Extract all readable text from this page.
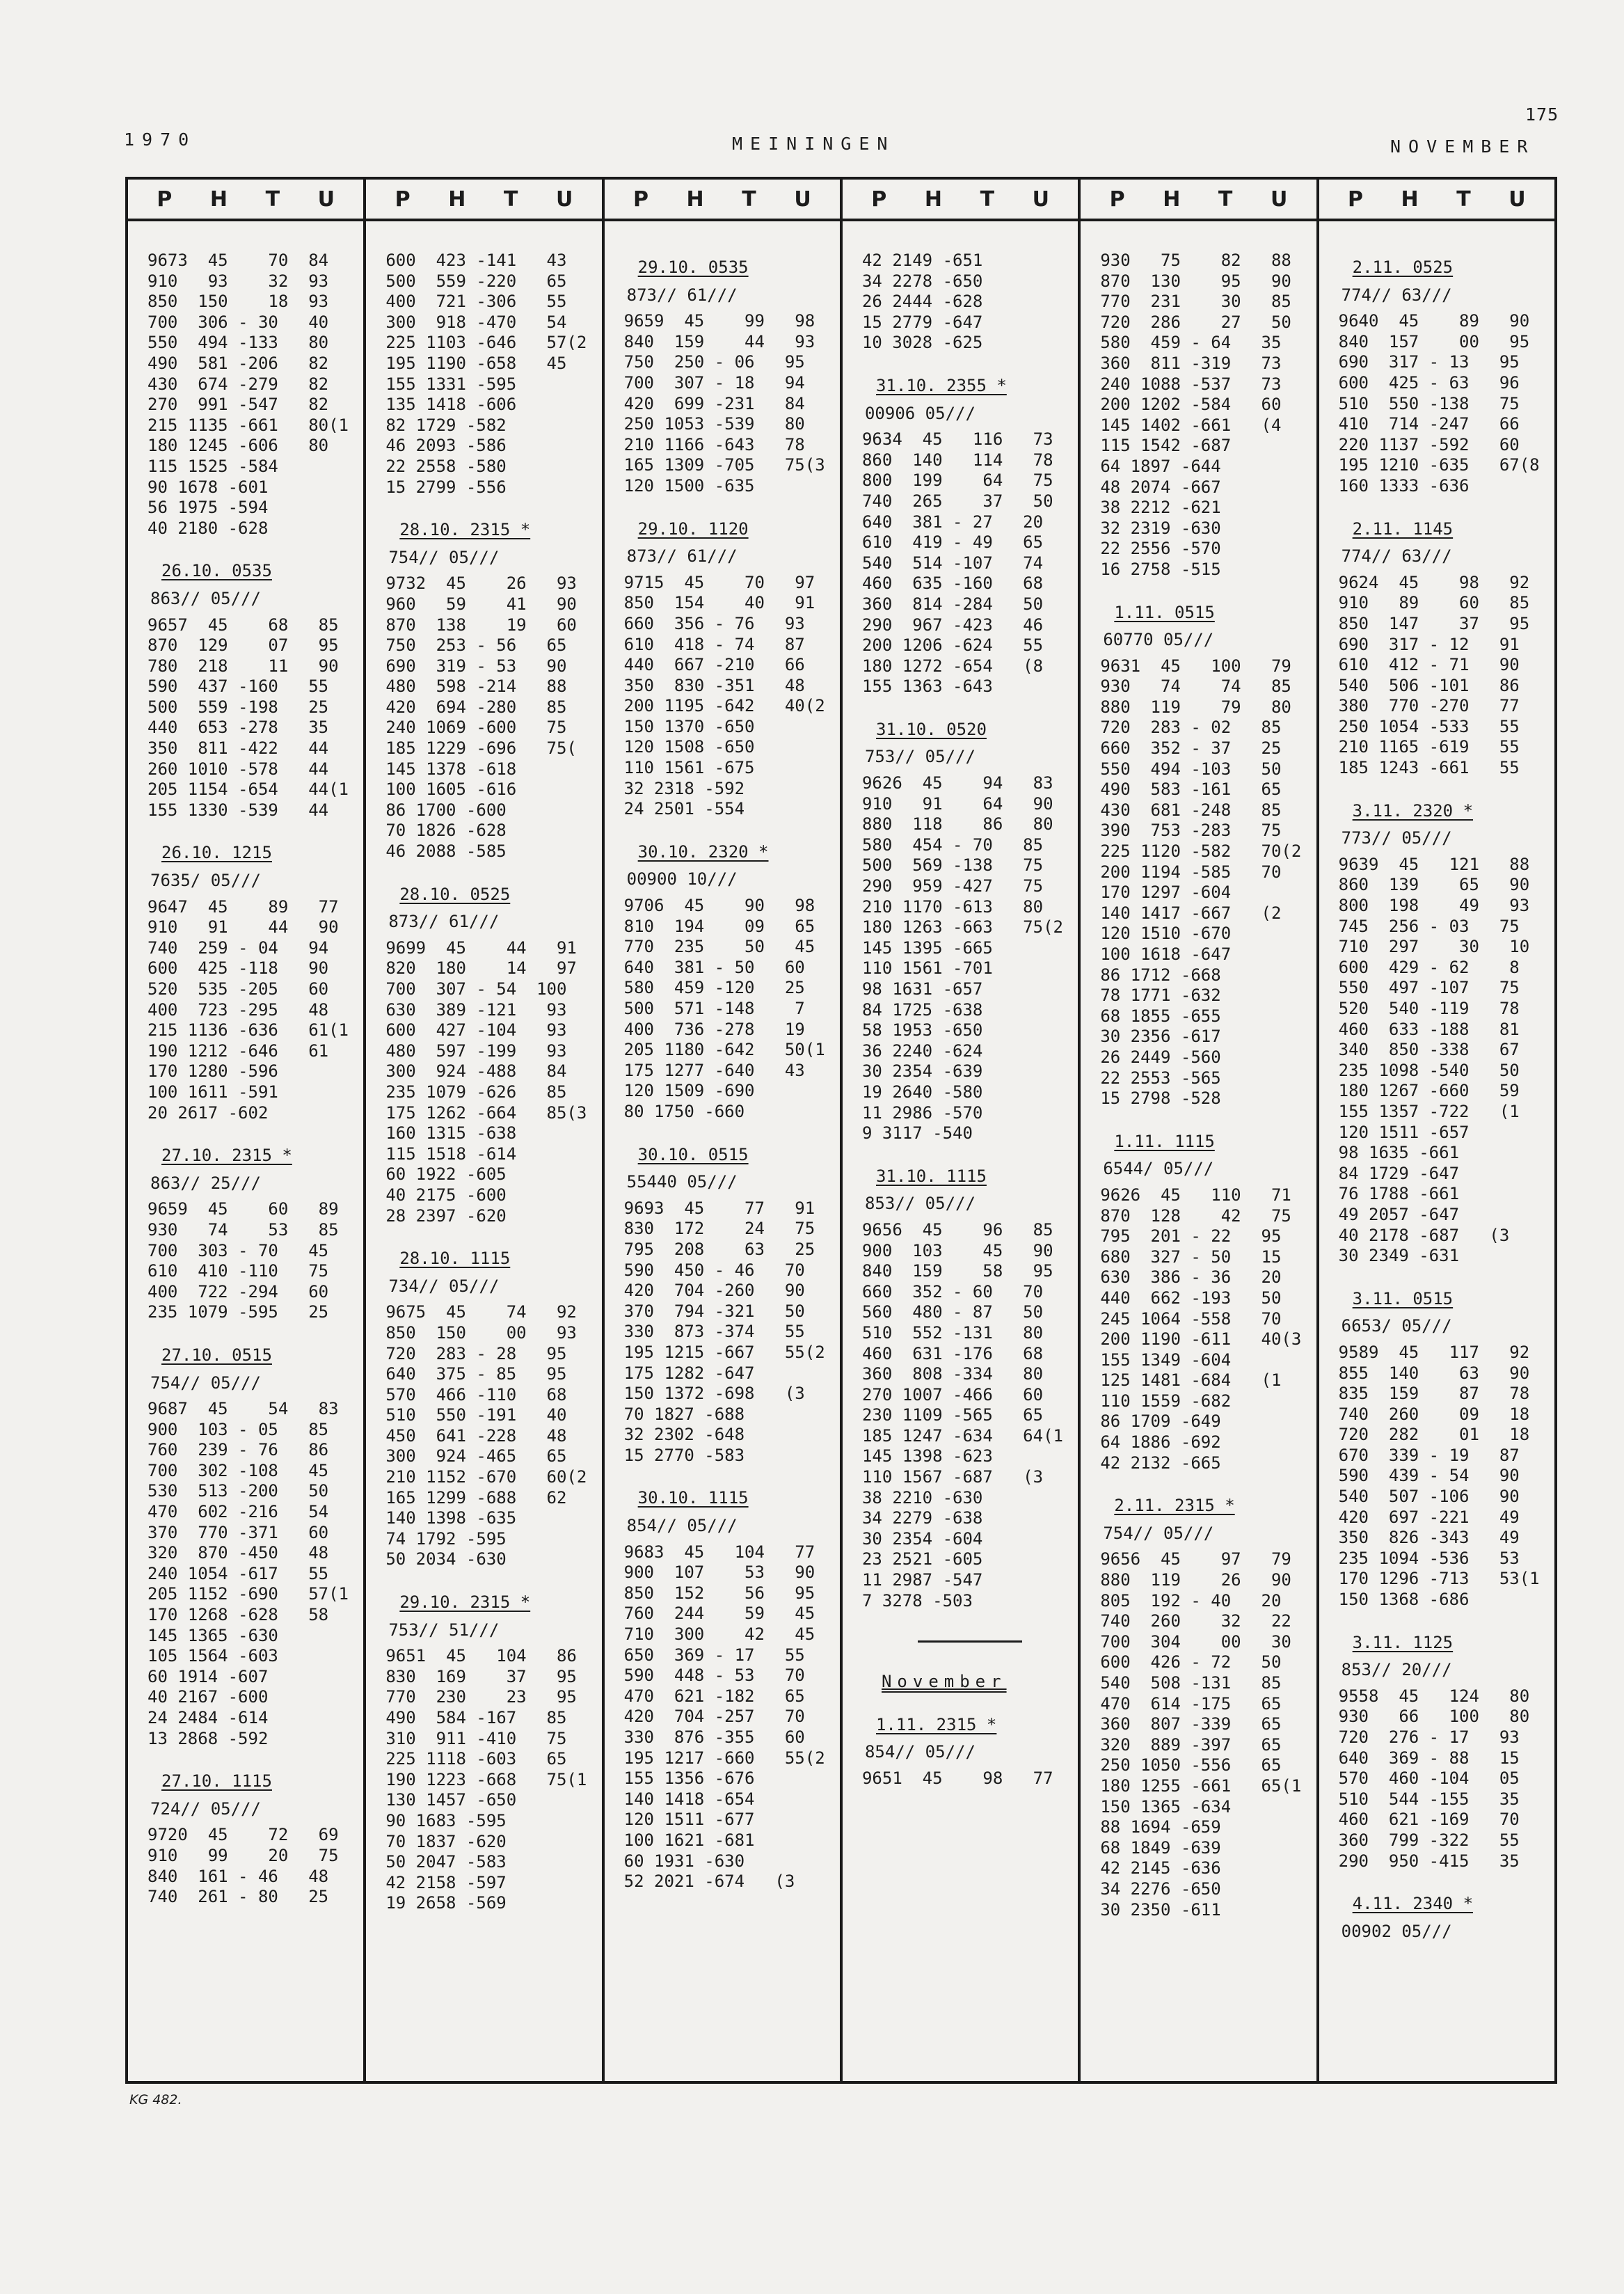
1970	MEININGEN	NOVEMBER
175
P H T U
9673  45    70  84
910   93    32  93
850  150    18  93
700  306 - 30   40
550  494 -133   80
490  581 -206   82
430  674 -279   82
270  991 -547   82
215 1135 -661   80(1
180 1245 -606   80
115 1525 -584
90 1678 -601
56 1975 -594
40 2180 -628
26.10. 0535
863// 05///
9657  45    68   85
870  129    07   95
780  218    11   90
590  437 -160   55
500  559 -198   25
440  653 -278   35
350  811 -422   44
260 1010 -578   44
205 1154 -654   44(1
155 1330 -539   44
26.10. 1215
7635/ 05///
9647  45    89   77
910   91    44   90
740  259 - 04   94
600  425 -118   90
520  535 -205   60
400  723 -295   48
215 1136 -636   61(1
190 1212 -646   61
170 1280 -596
100 1611 -591
20 2617 -602
27.10. 2315 *
863// 25///
9659  45    60   89
930   74    53   85
700  303 - 70   45
610  410 -110   75
400  722 -294   60
235 1079 -595   25
27.10. 0515
754// 05///
9687  45    54   83
900  103 - 05   85
760  239 - 76   86
700  302 -108   45
530  513 -200   50
470  602 -216   54
370  770 -371   60
320  870 -450   48
240 1054 -617   55
205 1152 -690   57(1
170 1268 -628   58
145 1365 -630
105 1564 -603
60 1914 -607
40 2167 -600
24 2484 -614
13 2868 -592
27.10. 1115
724// 05///
9720  45    72   69
910   99    20   75
840  161 - 46   48
740  261 - 80   25
P H T U
600  423 -141   43
500  559 -220   65
400  721 -306   55
300  918 -470   54
225 1103 -646   57(2
195 1190 -658   45
155 1331 -595
135 1418 -606
82 1729 -582
46 2093 -586
22 2558 -580
15 2799 -556
28.10. 2315 *
754// 05///
9732  45    26   93
960   59    41   90
870  138    19   60
750  253 - 56   65
690  319 - 53   90
480  598 -214   88
420  694 -280   85
240 1069 -600   75
185 1229 -696   75(
145 1378 -618
100 1605 -616
86 1700 -600
70 1826 -628
46 2088 -585
28.10. 0525
873// 61///
9699  45    44   91
820  180    14   97
700  307 - 54  100
630  389 -121   93
600  427 -104   93
480  597 -199   93
300  924 -488   84
235 1079 -626   85
175 1262 -664   85(3
160 1315 -638
115 1518 -614
60 1922 -605
40 2175 -600
28 2397 -620
28.10. 1115
734// 05///
9675  45    74   92
850  150    00   93
720  283 - 28   95
640  375 - 85   95
570  466 -110   68
510  550 -191   40
450  641 -228   48
300  924 -465   65
210 1152 -670   60(2
165 1299 -688   62
140 1398 -635
74 1792 -595
50 2034 -630
29.10. 2315 *
753// 51///
9651  45   104   86
830  169    37   95
770  230    23   95
490  584 -167   85
310  911 -410   75
225 1118 -603   65
190 1223 -668   75(1
130 1457 -650
90 1683 -595
70 1837 -620
50 2047 -583
42 2158 -597
19 2658 -569
P H T U
29.10. 0535
873// 61///
9659  45    99   98
840  159    44   93
750  250 - 06   95
700  307 - 18   94
420  699 -231   84
250 1053 -539   80
210 1166 -643   78
165 1309 -705   75(3
120 1500 -635
29.10. 1120
873// 61///
9715  45    70   97
850  154    40   91
660  356 - 76   93
610  418 - 74   87
440  667 -210   66
350  830 -351   48
200 1195 -642   40(2
150 1370 -650
120 1508 -650
110 1561 -675
32 2318 -592
24 2501 -554
30.10. 2320 *
00900 10///
9706  45    90   98
810  194    09   65
770  235    50   45
640  381 - 50   60
580  459 -120   25
500  571 -148    7
400  736 -278   19
205 1180 -642   50(1
175 1277 -640   43
120 1509 -690
80 1750 -660
30.10. 0515
55440 05///
9693  45    77   91
830  172    24   75
795  208    63   25
590  450 - 46   70
420  704 -260   90
370  794 -321   50
330  873 -374   55
195 1215 -667   55(2
175 1282 -647
150 1372 -698   (3
70 1827 -688
32 2302 -648
15 2770 -583
30.10. 1115
854// 05///
9683  45   104   77
900  107    53   90
850  152    56   95
760  244    59   45
710  300    42   45
650  369 - 17   55
590  448 - 53   70
470  621 -182   65
420  704 -257   70
330  876 -355   60
195 1217 -660   55(2
155 1356 -676
140 1418 -654
120 1511 -677
100 1621 -681
60 1931 -630
52 2021 -674   (3
P H T U
42 2149 -651
34 2278 -650
26 2444 -628
15 2779 -647
10 3028 -625
31.10. 2355 *
00906 05///
9634  45   116   73
860  140   114   78
800  199    64   75
740  265    37   50
640  381 - 27   20
610  419 - 49   65
540  514 -107   74
460  635 -160   68
360  814 -284   50
290  967 -423   46
200 1206 -624   55
180 1272 -654   (8
155 1363 -643
31.10. 0520
753// 05///
9626  45    94   83
910   91    64   90
880  118    86   80
580  454 - 70   85
500  569 -138   75
290  959 -427   75
210 1170 -613   80
180 1263 -663   75(2
145 1395 -665
110 1561 -701
98 1631 -657
84 1725 -638
58 1953 -650
36 2240 -624
30 2354 -639
19 2640 -580
11 2986 -570
9 3117 -540
31.10. 1115
853// 05///
9656  45    96   85
900  103    45   90
840  159    58   95
660  352 - 60   70
560  480 - 87   50
510  552 -131   80
460  631 -176   68
360  808 -334   80
270 1007 -466   60
230 1109 -565   65
185 1247 -634   64(1
145 1398 -623
110 1567 -687   (3
38 2210 -630
34 2279 -638
30 2354 -604
23 2521 -605
11 2987 -547
7 3278 -503
November
1.11. 2315 *
854// 05///
9651  45    98   77
P H T U
930   75    82   88
870  130    95   90
770  231    30   85
720  286    27   50
580  459 - 64   35
360  811 -319   73
240 1088 -537   73
200 1202 -584   60
145 1402 -661   (4
115 1542 -687
64 1897 -644
48 2074 -667
38 2212 -621
32 2319 -630
22 2556 -570
16 2758 -515
1.11. 0515
60770 05///
9631  45   100   79
930   74    74   85
880  119    79   80
720  283 - 02   85
660  352 - 37   25
550  494 -103   50
490  583 -161   65
430  681 -248   85
390  753 -283   75
225 1120 -582   70(2
200 1194 -585   70
170 1297 -604
140 1417 -667   (2
120 1510 -670
100 1618 -647
86 1712 -668
78 1771 -632
68 1855 -655
30 2356 -617
26 2449 -560
22 2553 -565
15 2798 -528
1.11. 1115
6544/ 05///
9626  45   110   71
870  128    42   75
795  201 - 22   95
680  327 - 50   15
630  386 - 36   20
440  662 -193   50
245 1064 -558   70
200 1190 -611   40(3
155 1349 -604
125 1481 -684   (1
110 1559 -682
86 1709 -649
64 1886 -692
42 2132 -665
2.11. 2315 *
754// 05///
9656  45    97   79
880  119    26   90
805  192 - 40   20
740  260    32   22
700  304    00   30
600  426 - 72   50
540  508 -131   85
470  614 -175   65
360  807 -339   65
320  889 -397   65
250 1050 -556   65
180 1255 -661   65(1
150 1365 -634
88 1694 -659
68 1849 -639
42 2145 -636
34 2276 -650
30 2350 -611
P H T U
2.11. 0525
774// 63///
9640  45    89   90
840  157    00   95
690  317 - 13   95
600  425 - 63   96
510  550 -138   75
410  714 -247   66
220 1137 -592   60
195 1210 -635   67(8
160 1333 -636
2.11. 1145
774// 63///
9624  45    98   92
910   89    60   85
850  147    37   95
690  317 - 12   91
610  412 - 71   90
540  506 -101   86
380  770 -270   77
250 1054 -533   55
210 1165 -619   55
185 1243 -661   55
3.11. 2320 *
773// 05///
9639  45   121   88
860  139    65   90
800  198    49   93
745  256 - 03   75
710  297    30   10
600  429 - 62    8
550  497 -107   75
520  540 -119   78
460  633 -188   81
340  850 -338   67
235 1098 -540   50
180 1267 -660   59
155 1357 -722   (1
120 1511 -657
98 1635 -661
84 1729 -647
76 1788 -661
49 2057 -647
40 2178 -687   (3
30 2349 -631
3.11. 0515
6653/ 05///
9589  45   117   92
855  140    63   90
835  159    87   78
740  260    09   18
720  282    01   18
670  339 - 19   87
590  439 - 54   90
540  507 -106   90
420  697 -221   49
350  826 -343   49
235 1094 -536   53
170 1296 -713   53(1
150 1368 -686
3.11. 1125
853// 20///
9558  45   124   80
930   66   100   80
720  276 - 17   93
640  369 - 88   15
570  460 -104   05
510  544 -155   35
460  621 -169   70
360  799 -322   55
290  950 -415   35
4.11. 2340 *
00902 05///
KG 482.
